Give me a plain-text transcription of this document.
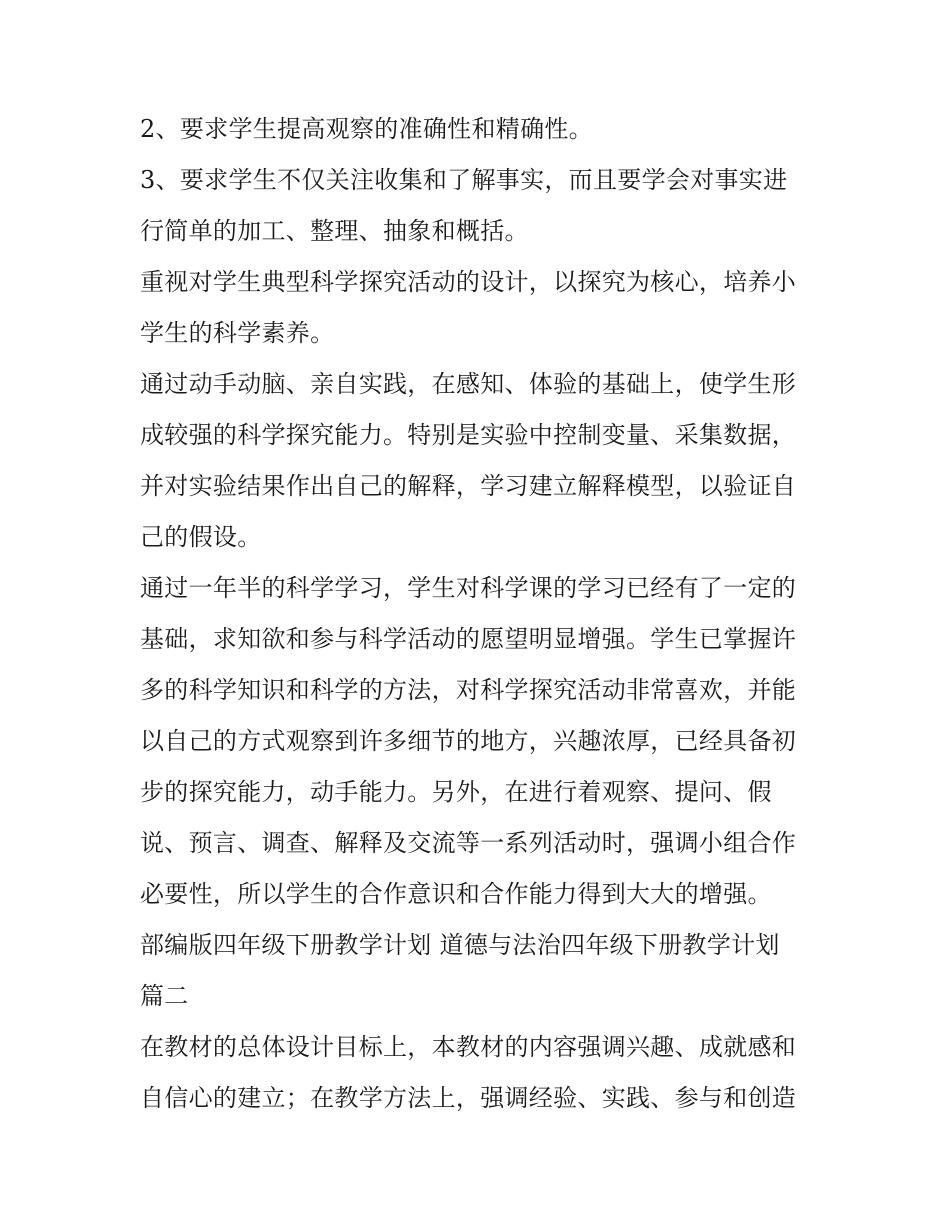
2、要求学生提高观察的准确性和精确性。
3、要求学生不仅关注收集和了解事实，而且要学会对事实进
行简单的加工、整理、抽象和概括。
重视对学生典型科学探究活动的设计，以探究为核心，培养小
学生的科学素养。
通过动手动脑、亲自实践，在感知、体验的基础上，使学生形
成较强的科学探究能力。特别是实验中控制变量、采集数据，
并对实验结果作出自己的解释，学习建立解释模型，以验证自
己的假设。
通过一年半的科学学习，学生对科学课的学习已经有了一定的
基础，求知欲和参与科学活动的愿望明显增强。学生已掌握许
多的科学知识和科学的方法，对科学探究活动非常喜欢，并能
以自己的方式观察到许多细节的地方，兴趣浓厚，已经具备初
步的探究能力，动手能力。另外，在进行着观察、提问、假
说、预言、调查、解释及交流等一系列活动时，强调小组合作
必要性，所以学生的合作意识和合作能力得到大大的增强。
部编版四年级下册教学计划 道德与法治四年级下册教学计划
篇二
在教材的总体设计目标上，本教材的内容强调兴趣、成就感和
自信心的建立；在教学方法上，强调经验、实践、参与和创造
